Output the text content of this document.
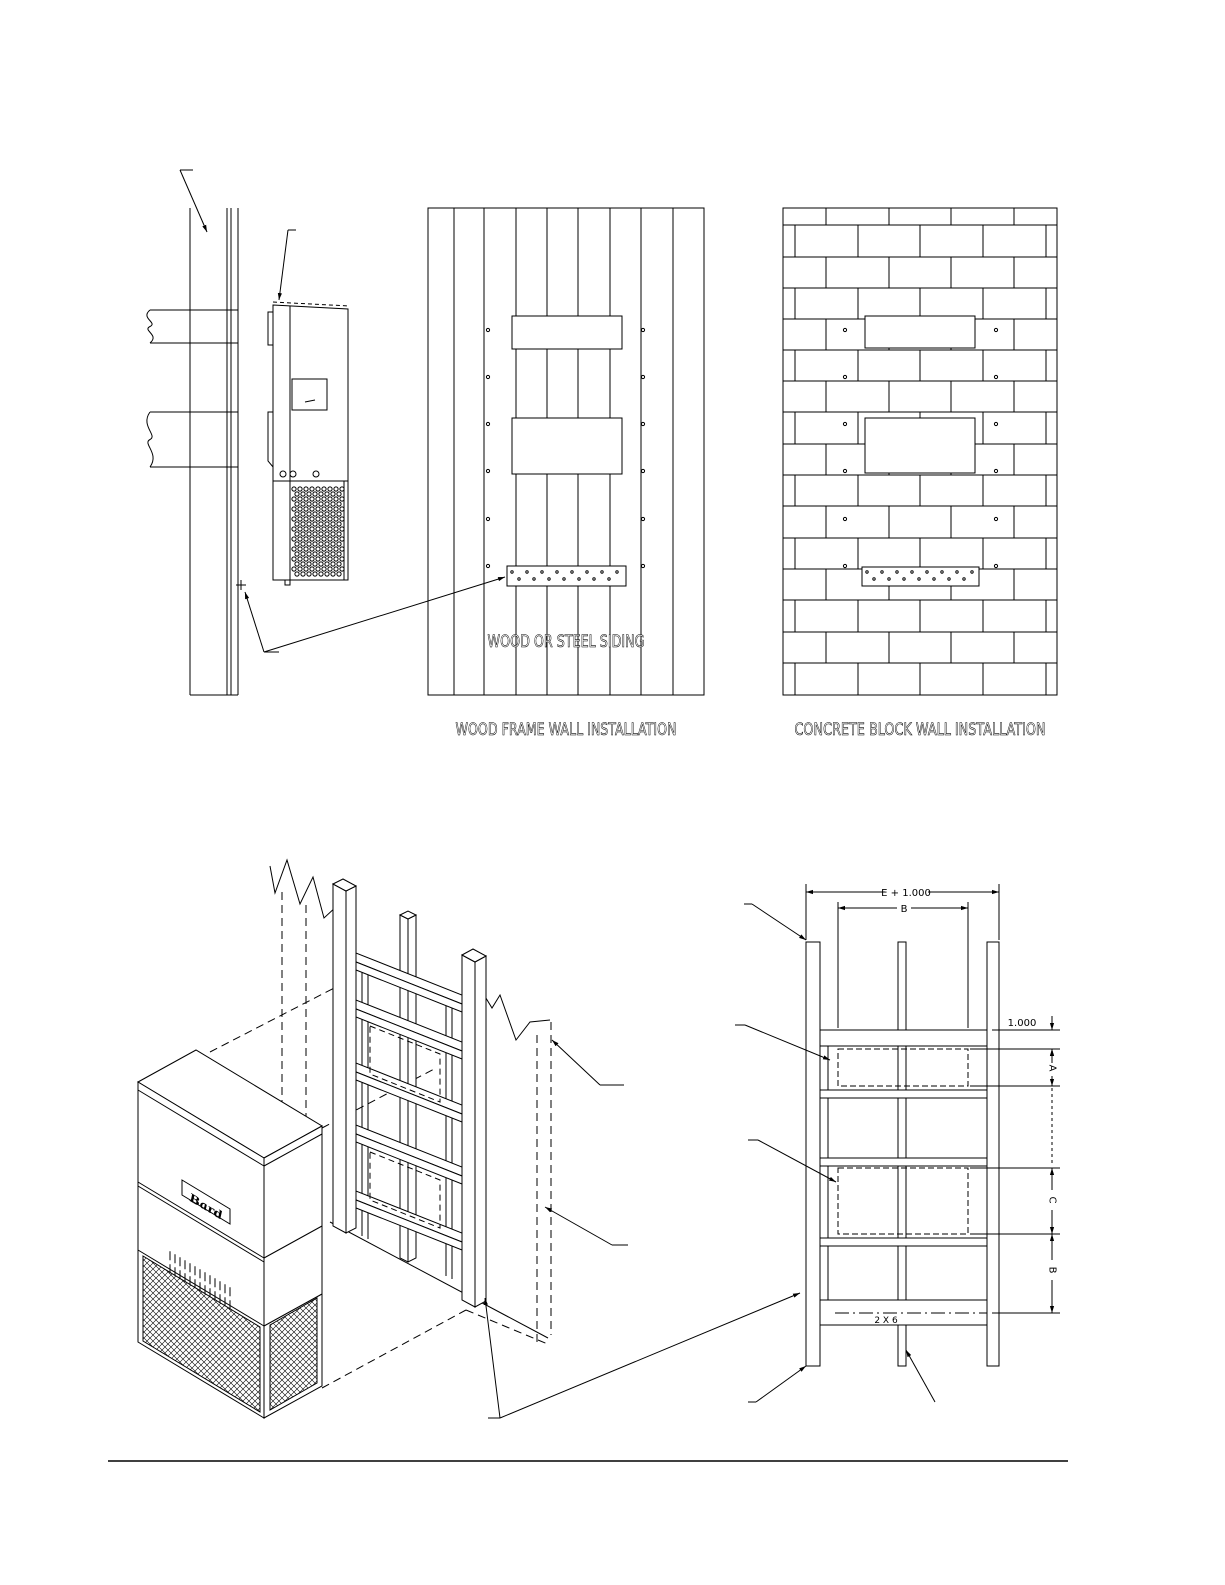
WOOD OR STEEL SIDING
WOOD FRAME WALL INSTALLATION	CONCRETE BLOCK WALL INSTALLATION
Bard
E + 1.000
B
1.000
A
C
B
2 X 6
